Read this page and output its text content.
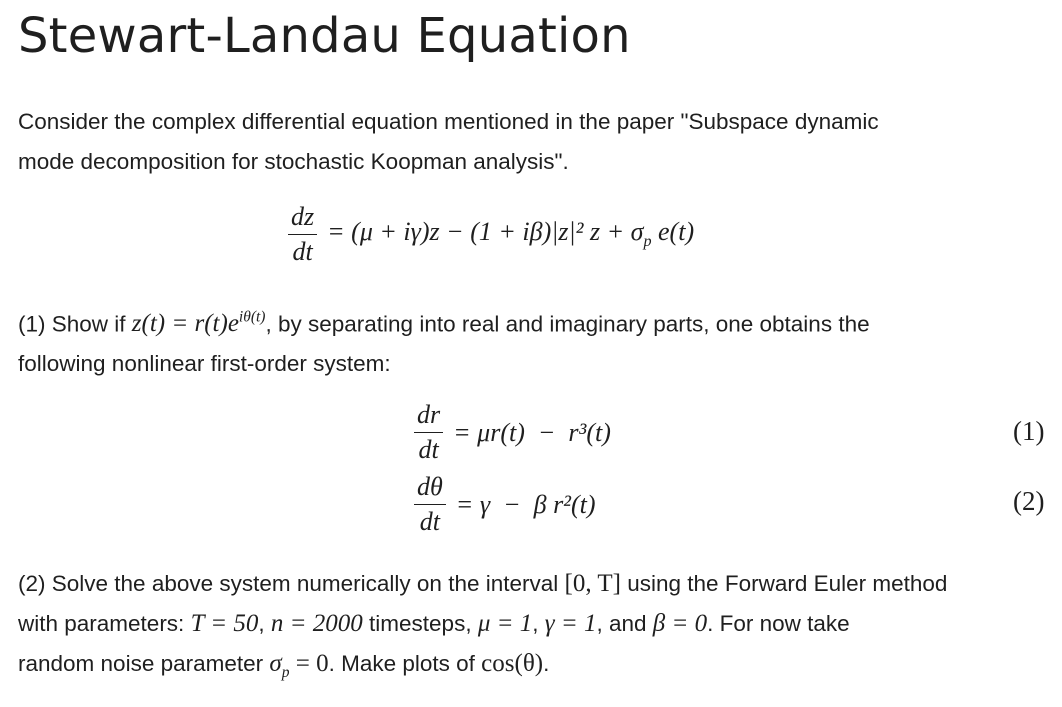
Stewart-Landau Equation

Consider the complex differential equation mentioned in the paper "Subspace dynamic
mode decomposition for stochastic Koopman analysis".

$\frac{dz}{dt} = (\mu + i\gamma)z - (1 + i\beta)|z|^2$ $z + \sigma_p$ e(t)

(1) Show if $z(t) = r(t)e^{i\theta(t)}$, by separating into real and imaginary parts, one obtains the
following nonlinear first-order system:

$\frac{dr}{dt} = \mu r(t) - r^3(t)$	(1)
$\frac{d\theta}{dt} = \gamma - \beta$ r²(t)	(2)

(2) Solve the above system numerically on the interval [0, T] using the Forward Euler method
with parameters: T = 50, n = 2000 timesteps, μ = 1, γ = 1, and β = 0. For now take
random noise parameter $\sigma_p = 0$. Make plots of cos(θ).
